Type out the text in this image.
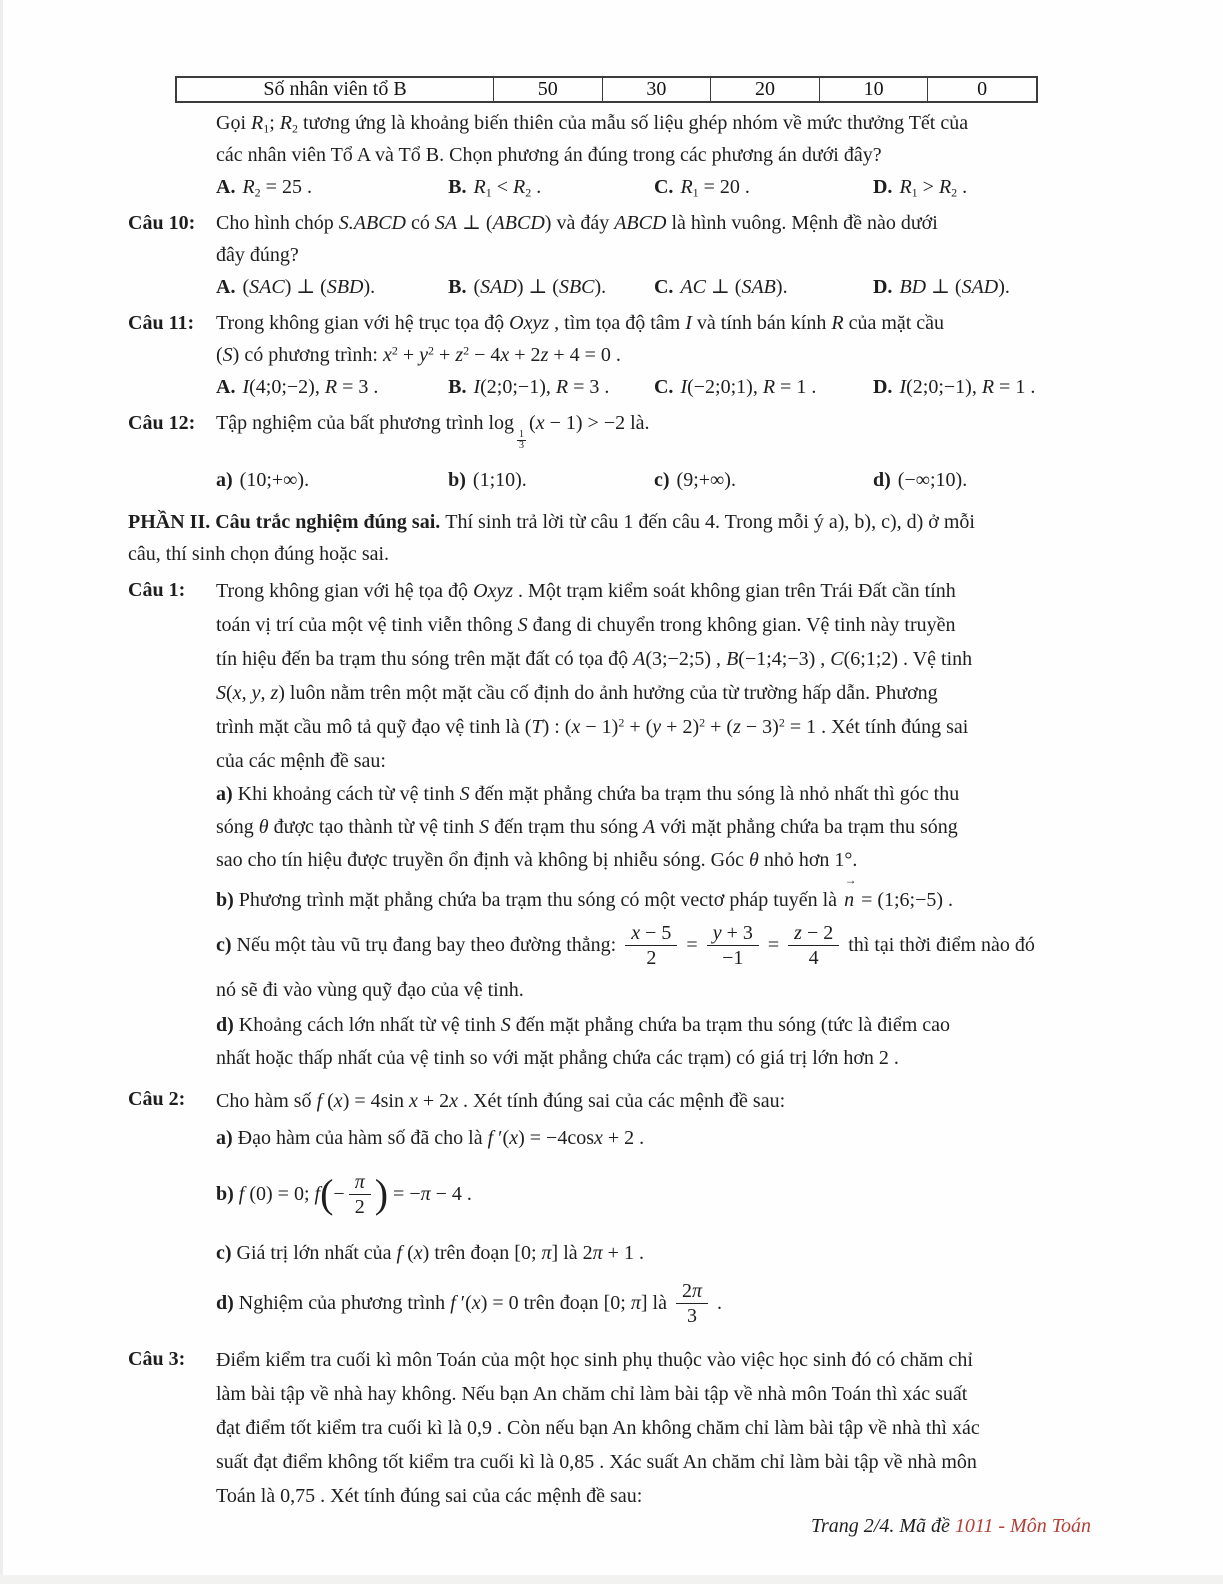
Số nhân viên tổ B	50	30	20	10	0
Gọi $R_1$; $R_2$ tương ứng là khoảng biến thiên của mẫu số liệu ghép nhóm về mức thưởng Tết của
các nhân viên Tổ A và Tổ B. Chọn phương án đúng trong các phương án dưới đây?
A. $R_2 = 25$ .	B. $R_1 < R_2$ .	C. $R_1 = 20$ .	D. $R_1 > R_2$ .
Câu 10:	Cho hình chóp S.ABCD có SA ⊥ (ABCD) và đáy ABCD là hình vuông. Mệnh đề nào dưới
đây đúng?
A. (SAC) ⊥ (SBD).	B. (SAD) ⊥ (SBC).	C. AC ⊥ (SAB).	D. BD ⊥ (SAD).
Câu 11:	Trong không gian với hệ trục tọa độ Oxyz , tìm tọa độ tâm I và tính bán kính R của mặt cầu
(S) có phương trình: $x^2 + y^2 + z^2 - 4x + 2z + 4 = 0$ .
A. I(4;0;−2), R = 3 .	B. I(2;0;−1), R = 3 .	C. I(−2;0;1), R = 1 .	D. I(2;0;−1), R = 1 .
Câu 12:	Tập nghiệm của bất phương trình log
$\frac{1}{3}$
(x − 1) > −2 là.
a) (10;+∞).	b) (1;10).	c) (9;+∞).	d) (−∞;10).
PHẦN II. Câu trắc nghiệm đúng sai. Thí sinh trả lời từ câu 1 đến câu 4. Trong mỗi ý a), b), c), d) ở mỗi
câu, thí sinh chọn đúng hoặc sai.
Câu 1:	Trong không gian với hệ tọa độ Oxyz . Một trạm kiểm soát không gian trên Trái Đất cần tính
toán vị trí của một vệ tinh viễn thông S đang di chuyển trong không gian. Vệ tinh này truyền
tín hiệu đến ba trạm thu sóng trên mặt đất có tọa độ A(3;−2;5) , B(−1;4;−3) , C(6;1;2) . Vệ tinh
S(x, y, z) luôn nằm trên một mặt cầu cố định do ảnh hưởng của từ trường hấp dẫn. Phương
trình mặt cầu mô tả quỹ đạo vệ tinh là (T) : $(x - 1)^2 + (y + 2)^2 + (z - 3)^2 = 1$ . Xét tính đúng sai
của các mệnh đề sau:
a) Khi khoảng cách từ vệ tinh S đến mặt phẳng chứa ba trạm thu sóng là nhỏ nhất thì góc thu
sóng θ được tạo thành từ vệ tinh S đến trạm thu sóng A với mặt phẳng chứa ba trạm thu sóng
sao cho tín hiệu được truyền ổn định và không bị nhiễu sóng. Góc θ nhỏ hơn 1°.
b) Phương trình mặt phẳng chứa ba trạm thu sóng có một vectơ pháp tuyến là → n = (1;6;−5) .
c) Nếu một tàu vũ trụ đang bay theo đường thẳng: $\frac{x - 5}{2} = \frac{y + 3}{-1} = \frac{z - 2}{4}$ thì tại thời điểm nào đó
nó sẽ đi vào vùng quỹ đạo của vệ tinh.
d) Khoảng cách lớn nhất từ vệ tinh S đến mặt phẳng chứa ba trạm thu sóng (tức là điểm cao
nhất hoặc thấp nhất của vệ tinh so với mặt phẳng chứa các trạm) có giá trị lớn hơn 2 .
Câu 2:	Cho hàm số f (x) = 4sin x + 2x . Xét tính đúng sai của các mệnh đề sau:
a) Đạo hàm của hàm số đã cho là f ′(x) = −4cosx + 2 .
b) f (0) = 0; $f(- \frac{\pi}{2}$ ) = −π − 4 .
c) Giá trị lớn nhất của f (x) trên đoạn [0; π] là 2π + 1 .
d) Nghiệm của phương trình f ′(x) = 0 trên đoạn [0; π] là $\frac{2\pi}{3}$ .
Câu 3:	Điểm kiểm tra cuối kì môn Toán của một học sinh phụ thuộc vào việc học sinh đó có chăm chỉ
làm bài tập về nhà hay không. Nếu bạn An chăm chỉ làm bài tập về nhà môn Toán thì xác suất
đạt điểm tốt kiểm tra cuối kì là 0,9 . Còn nếu bạn An không chăm chỉ làm bài tập về nhà thì xác
suất đạt điểm không tốt kiểm tra cuối kì là 0,85 . Xác suất An chăm chỉ làm bài tập về nhà môn
Toán là 0,75 . Xét tính đúng sai của các mệnh đề sau:
Trang 2/4. Mã đề 1011 - Môn Toán
